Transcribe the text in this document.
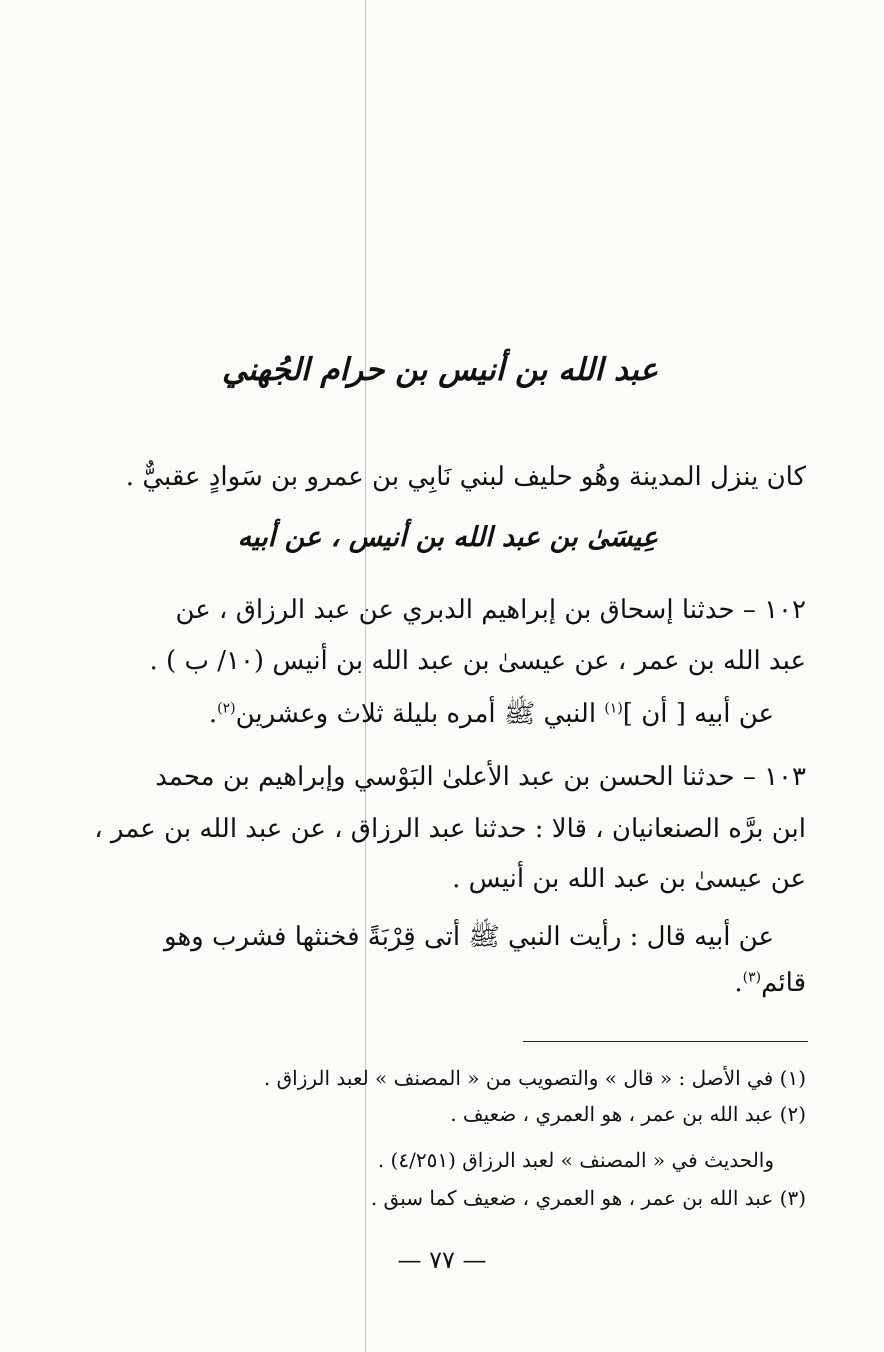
عبد الله بن أنيس بن حرام الجُهني
كان ينزل المدينة وهُو حليف لبني نَابِي بن عمرو بن سَوادٍ عقبيٌّ .
عِيسَىٰ بن عبد الله بن أنيس ، عن أبيه
١٠٢ – حدثنا إسحاق بن إبراهيم الدبري عن عبد الرزاق ، عن
عبد الله بن عمر ، عن عيسىٰ بن عبد الله بن أنيس (١٠/ ب ) .
عن أبيه [ أن ]$^{(١)}$ النبي ﷺ أمره بليلة ثلاث وعشرين$^{(٢)}$.
١٠٣ – حدثنا الحسن بن عبد الأعلىٰ البَوْسي وإبراهيم بن محمد
ابن برَّه الصنعانيان ، قالا : حدثنا عبد الرزاق ، عن عبد الله بن عمر ،
عن عيسىٰ بن عبد الله بن أنيس .
عن أبيه قال : رأيت النبي ﷺ أتى قِرْبَةً فخنثها فشرب وهو
قائم$^{(٣)}$.
(١) في الأصل : « قال » والتصويب من « المصنف » لعبد الرزاق .
(٢) عبد الله بن عمر ، هو العمري ، ضعيف .
والحديث في « المصنف » لعبد الرزاق (٤/٢٥١) .
(٣) عبد الله بن عمر ، هو العمري ، ضعيف كما سبق .
— ٧٧ —
